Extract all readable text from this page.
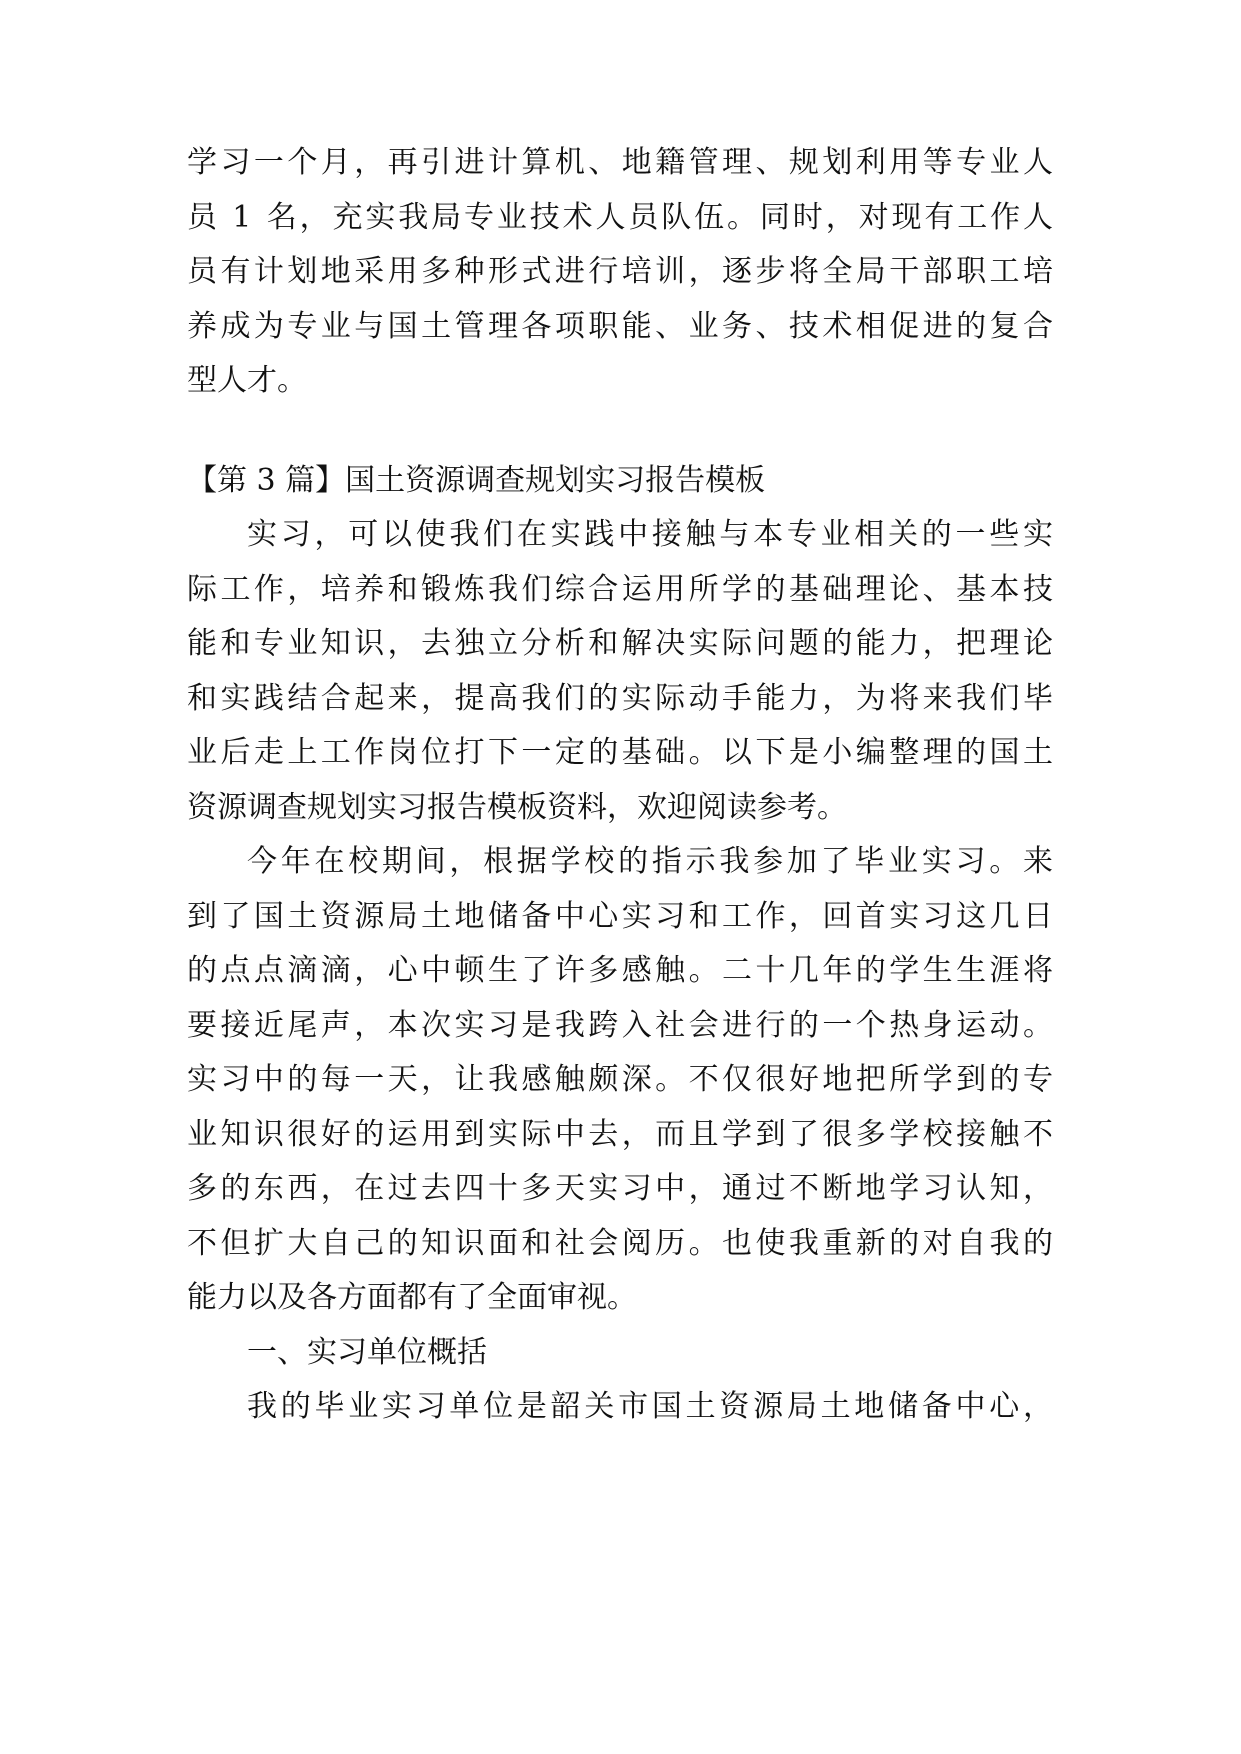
学习一个月，再引进计算机、地籍管理、规划利用等专业人
员 1 名，充实我局专业技术人员队伍。同时，对现有工作人
员有计划地采用多种形式进行培训，逐步将全局干部职工培
养成为专业与国土管理各项职能、业务、技术相促进的复合
型人才。
【第 3 篇】国土资源调查规划实习报告模板
实习，可以使我们在实践中接触与本专业相关的一些实
际工作，培养和锻炼我们综合运用所学的基础理论、基本技
能和专业知识，去独立分析和解决实际问题的能力，把理论
和实践结合起来，提高我们的实际动手能力，为将来我们毕
业后走上工作岗位打下一定的基础。以下是小编整理的国土
资源调查规划实习报告模板资料，欢迎阅读参考。
今年在校期间，根据学校的指示我参加了毕业实习。来
到了国土资源局土地储备中心实习和工作，回首实习这几日
的点点滴滴，心中顿生了许多感触。二十几年的学生生涯将
要接近尾声，本次实习是我跨入社会进行的一个热身运动。
实习中的每一天，让我感触颇深。不仅很好地把所学到的专
业知识很好的运用到实际中去，而且学到了很多学校接触不
多的东西，在过去四十多天实习中，通过不断地学习认知，
不但扩大自己的知识面和社会阅历。也使我重新的对自我的
能力以及各方面都有了全面审视。
一、实习单位概括
我的毕业实习单位是韶关市国土资源局土地储备中心，
